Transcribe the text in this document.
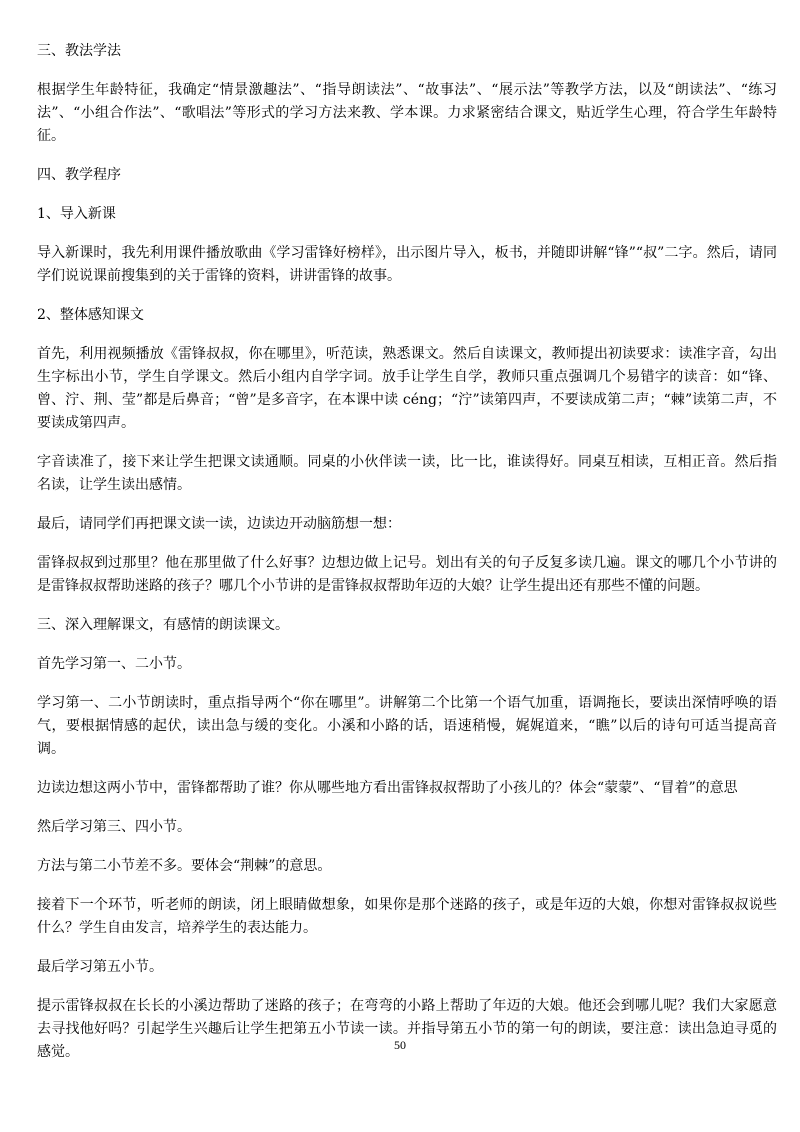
三、教法学法

根据学生年龄特征，我确定“情景激趣法”、“指导朗读法”、“故事法”、“展示法”等教学方法，以及“朗读法”、“练习法”、“小组合作法”、“歌唱法”等形式的学习方法来教、学本课。力求紧密结合课文，贴近学生心理，符合学生年龄特征。

四、教学程序

1、导入新课

导入新课时，我先利用课件播放歌曲《学习雷锋好榜样》，出示图片导入，板书，并随即讲解“锋”“叔”二字。然后，请同学们说说课前搜集到的关于雷锋的资料，讲讲雷锋的故事。

2、整体感知课文

首先，利用视频播放《雷锋叔叔，你在哪里》，听范读，熟悉课文。然后自读课文，教师提出初读要求：读准字音，勾出生字标出小节，学生自学课文。然后小组内自学字词。放手让学生自学，教师只重点强调几个易错字的读音：如“锋、曾、泞、荆、莹”都是后鼻音；“曾”是多音字，在本课中读 céng；“泞”读第四声，不要读成第二声；“棘”读第二声，不要读成第四声。

字音读准了，接下来让学生把课文读通顺。同桌的小伙伴读一读，比一比，谁读得好。同桌互相读，互相正音。然后指名读，让学生读出感情。

最后，请同学们再把课文读一读，边读边开动脑筋想一想：

雷锋叔叔到过那里？他在那里做了什么好事？边想边做上记号。划出有关的句子反复多读几遍。课文的哪几个小节讲的是雷锋叔叔帮助迷路的孩子？哪几个小节讲的是雷锋叔叔帮助年迈的大娘？让学生提出还有那些不懂的问题。

三、深入理解课文，有感情的朗读课文。

首先学习第一、二小节。

学习第一、二小节朗读时，重点指导两个“你在哪里”。讲解第二个比第一个语气加重，语调拖长，要读出深情呼唤的语气，要根据情感的起伏，读出急与缓的变化。小溪和小路的话，语速稍慢，娓娓道来，“瞧”以后的诗句可适当提高音调。

边读边想这两小节中，雷锋都帮助了谁？你从哪些地方看出雷锋叔叔帮助了小孩儿的？体会“蒙蒙”、“冒着”的意思

然后学习第三、四小节。

方法与第二小节差不多。要体会“荆棘”的意思。

接着下一个环节，听老师的朗读，闭上眼睛做想象，如果你是那个迷路的孩子，或是年迈的大娘，你想对雷锋叔叔说些什么？学生自由发言，培养学生的表达能力。

最后学习第五小节。

提示雷锋叔叔在长长的小溪边帮助了迷路的孩子；在弯弯的小路上帮助了年迈的大娘。他还会到哪儿呢？我们大家愿意去寻找他好吗？引起学生兴趣后让学生把第五小节读一读。并指导第五小节的第一句的朗读，要注意：读出急迫寻觅的感觉。	50
